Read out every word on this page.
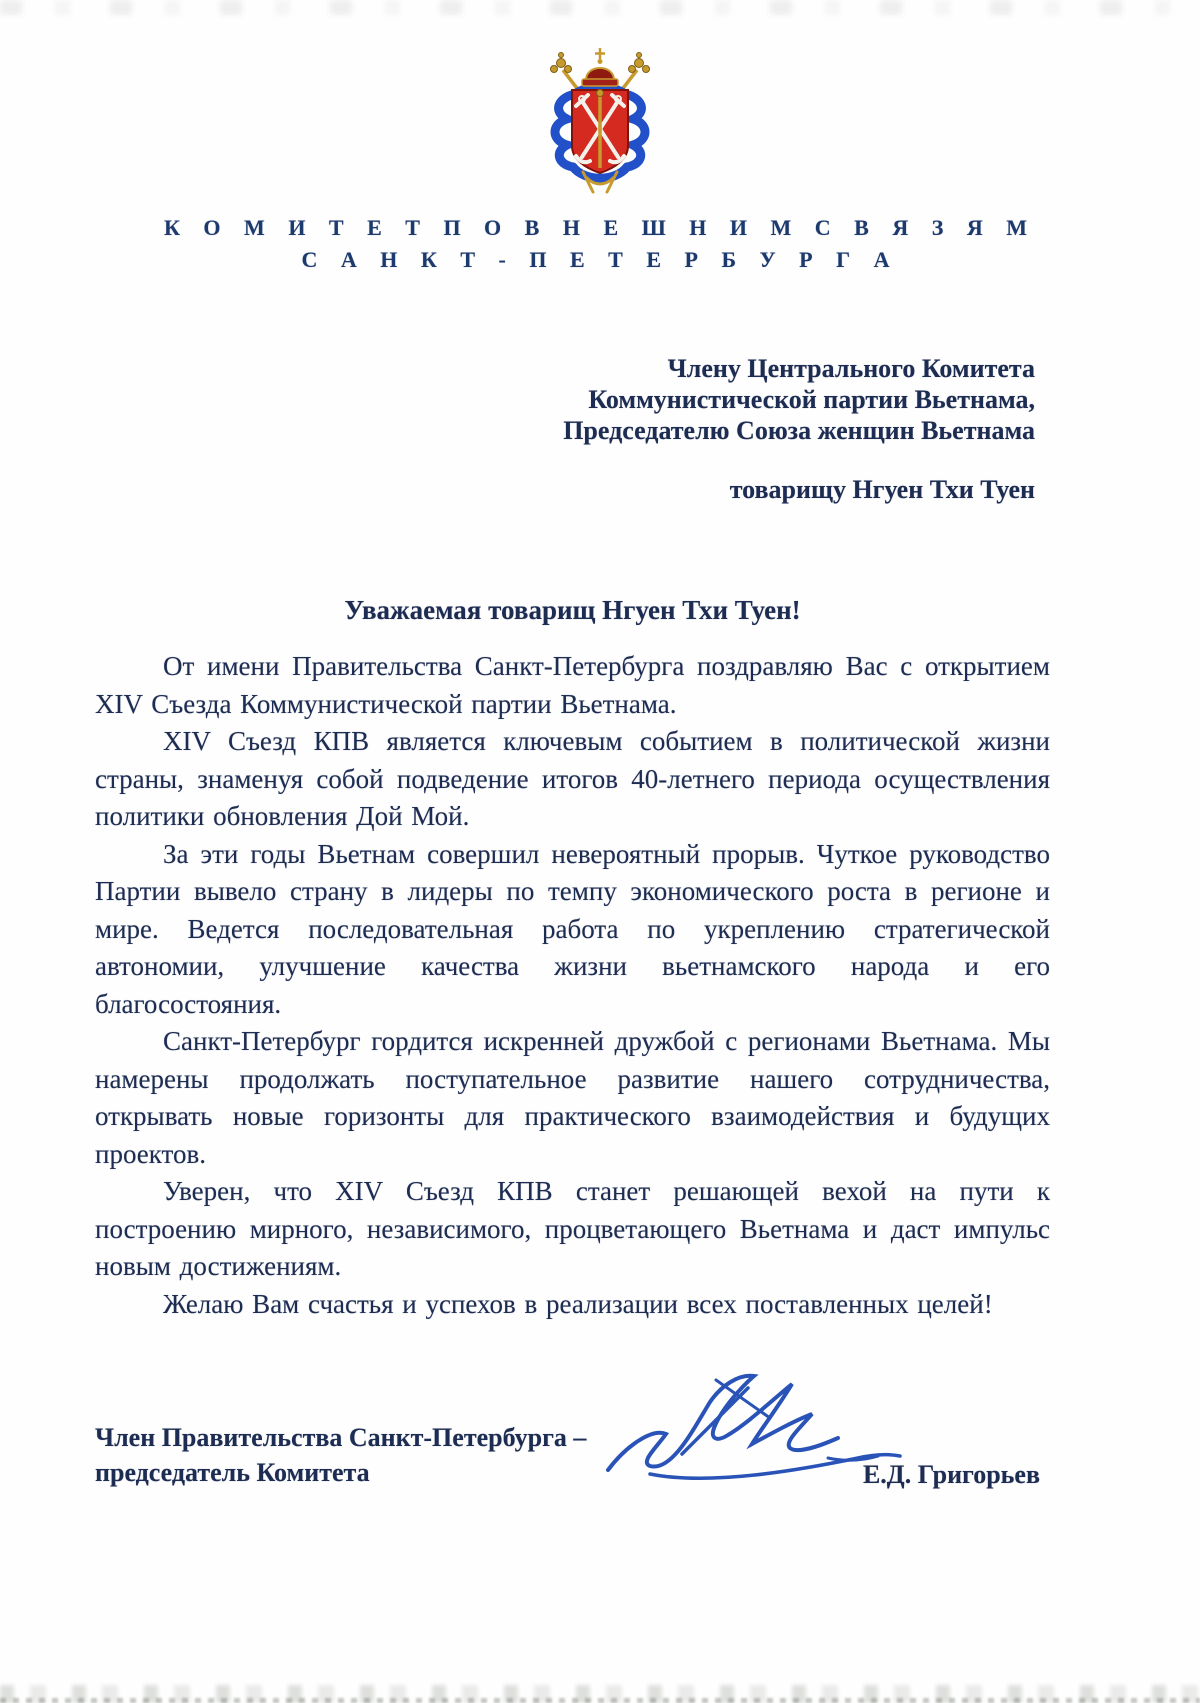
К О М И Т Е Т П О В Н Е Ш Н И М С В Я З Я М
С А Н К Т - П Е Т Е Р Б У Р Г А
Члену Центрального Комитета
Коммунистической партии Вьетнама,
Председателю Союза женщин Вьетнама
товарищу Нгуен Тхи Туен
Уважаемая товарищ Нгуен Тхи Туен!

От имени Правительства Санкт-Петербурга поздравляю Вас с открытием XIV Съезда Коммунистической партии Вьетнама.

XIV Съезд КПВ является ключевым событием в политической жизни страны, знаменуя собой подведение итогов 40-летнего периода осуществления политики обновления Дой Мой.

За эти годы Вьетнам совершил невероятный прорыв. Чуткое руководство Партии вывело страну в лидеры по темпу экономического роста в регионе и мире. Ведется последовательная работа по укреплению стратегической автономии, улучшение качества жизни вьетнамского народа и его благосостояния.

Санкт-Петербург гордится искренней дружбой с регионами Вьетнама. Мы намерены продолжать поступательное развитие нашего сотрудничества, открывать новые горизонты для практического взаимодействия и будущих проектов.

Уверен, что XIV Съезд КПВ станет решающей вехой на пути к построению мирного, независимого, процветающего Вьетнама и даст импульс новым достижениям.

Желаю Вам счастья и успехов в реализации всех поставленных целей!

Член Правительства Санкт-Петербурга –
председатель Комитета	Е.Д. Григорьев
